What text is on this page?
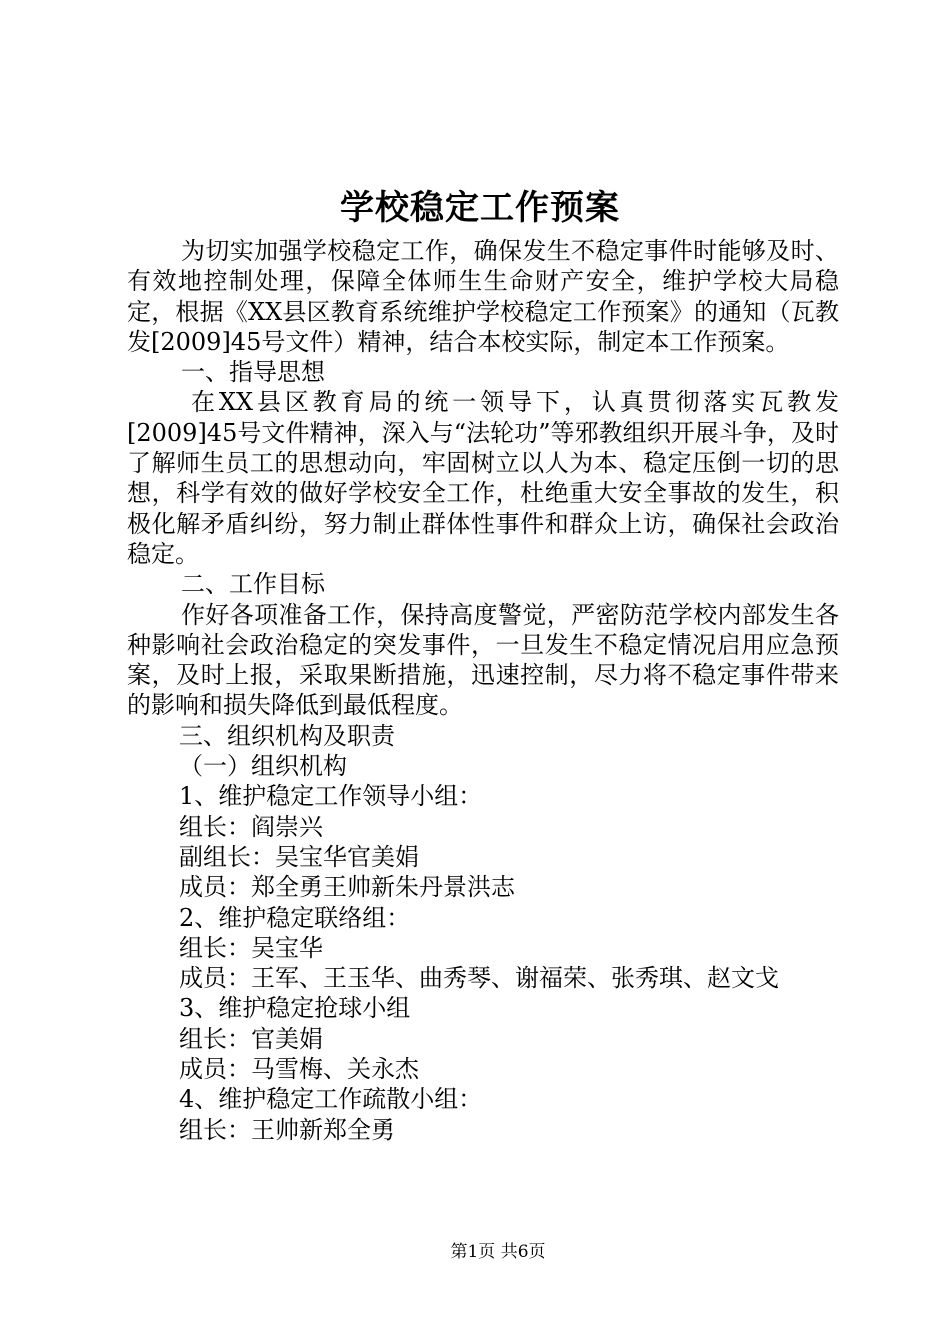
学校稳定工作预案

为切实加强学校稳定工作，确保发生不稳定事件时能够及时、有效地控制处理，保障全体师生生命财产安全，维护学校大局稳定，根据《XX县区教育系统维护学校稳定工作预案》的通知（瓦教发[2009]45号文件）精神，结合本校实际，制定本工作预案。

一、指导思想

在XX县区教育局的统一领导下，认真贯彻落实瓦教发[2009]45号文件精神，深入与“法轮功”等邪教组织开展斗争，及时了解师生员工的思想动向，牢固树立以人为本、稳定压倒一切的思想，科学有效的做好学校安全工作，杜绝重大安全事故的发生，积极化解矛盾纠纷，努力制止群体性事件和群众上访，确保社会政治稳定。

二、工作目标

作好各项准备工作，保持高度警觉，严密防范学校内部发生各种影响社会政治稳定的突发事件，一旦发生不稳定情况启用应急预案，及时上报，采取果断措施，迅速控制，尽力将不稳定事件带来的影响和损失降低到最低程度。

三、组织机构及职责

（一）组织机构

1、维护稳定工作领导小组：

组长：阎崇兴

副组长：吴宝华官美娟

成员：郑全勇王帅新朱丹景洪志

2、维护稳定联络组：

组长：吴宝华

成员：王军、王玉华、曲秀琴、谢福荣、张秀琪、赵文戈

3、维护稳定抢球小组

组长：官美娟

成员：马雪梅、关永杰

4、维护稳定工作疏散小组：

组长：王帅新郑全勇

第1页 共6页
